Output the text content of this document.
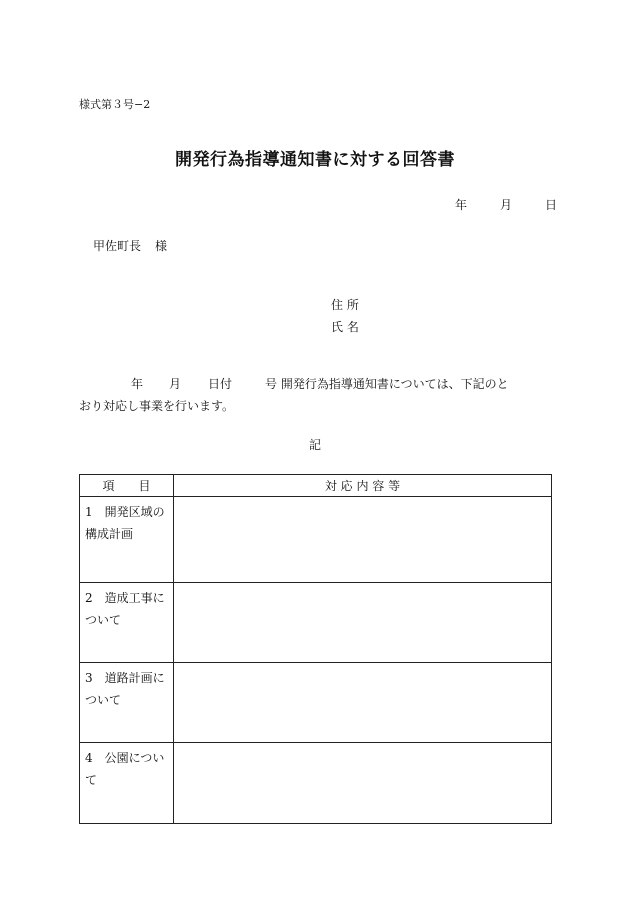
様式第３号−2
開発行為指導通知書に対する回答書
年	月	日
甲佐町長 様
住 所
氏 名
年 月 日付	号 開発行為指導通知書については、下記のと
おり対応し事業を行います。
記
項　　目	対 応 内 容 等
1　開発区域の構成計画	
2　造成工事について	
3　道路計画について	
4　公園について	
